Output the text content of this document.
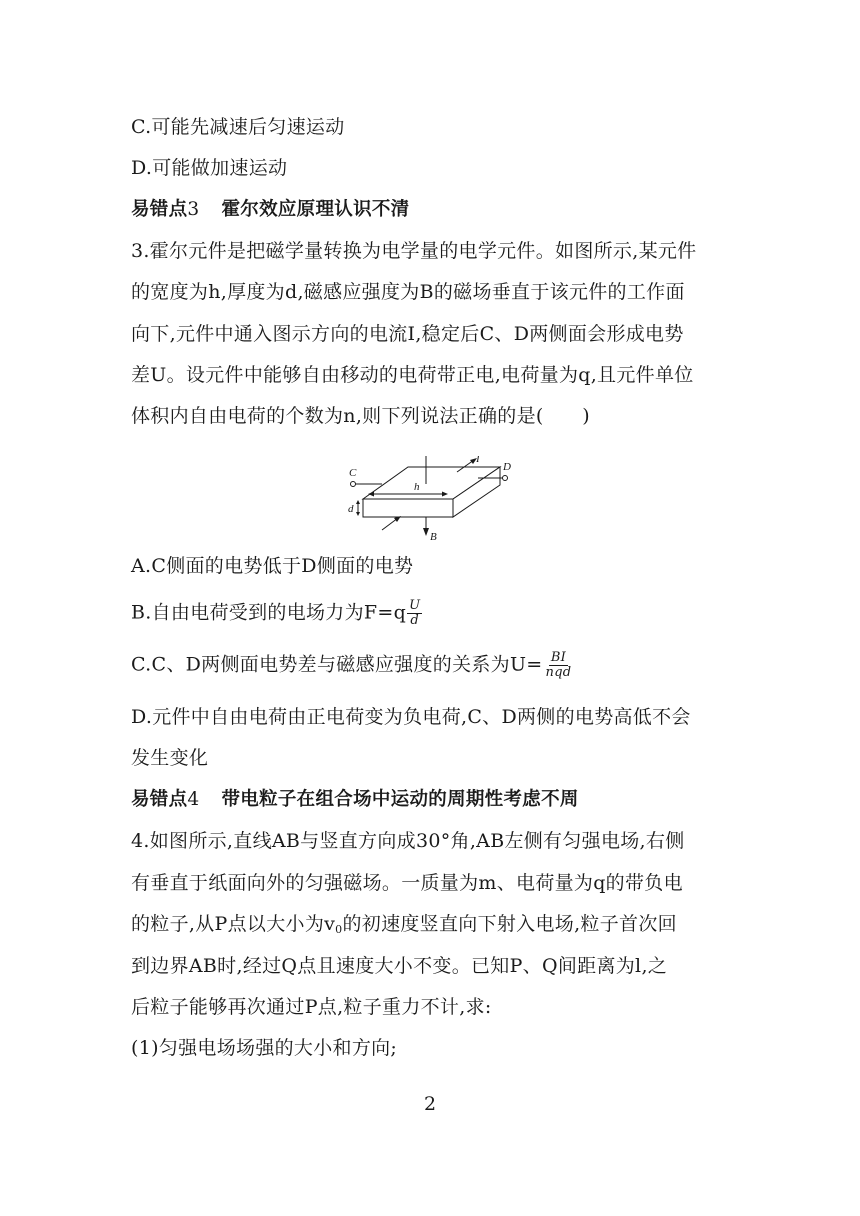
C.可能先减速后匀速运动
D.可能做加速运动
易错点3 霍尔效应原理认识不清
3.霍尔元件是把磁学量转换为电学量的电学元件。如图所示,某元件
的宽度为h,厚度为d,磁感应强度为B的磁场垂直于该元件的工作面
向下,元件中通入图示方向的电流I,稳定后C、D两侧面会形成电势
差U。设元件中能够自由移动的电荷带正电,电荷量为q,且元件单位
体积内自由电荷的个数为n,则下列说法正确的是(　　)
I
C	D
h
d
B
A.C侧面的电势低于D侧面的电势
B.自由电荷受到的电场力为$F=q \frac{U}{d}$
C.C、D两侧面电势差与磁感应强度的关系为$U= \frac{BI}{\text{nqd}}$
D.元件中自由电荷由正电荷变为负电荷,C、D两侧的电势高低不会
发生变化
易错点4 带电粒子在组合场中运动的周期性考虑不周
4.如图所示,直线AB与竖直方向成30°角,AB左侧有匀强电场,右侧
有垂直于纸面向外的匀强磁场。一质量为m、电荷量为q的带负电
的粒子,从P点以大小为$v_0$的初速度竖直向下射入电场,粒子首次回
到边界AB时,经过Q点且速度大小不变。已知P、Q间距离为l,之
后粒子能够再次通过P点,粒子重力不计,求:
(1)匀强电场场强的大小和方向;
2
